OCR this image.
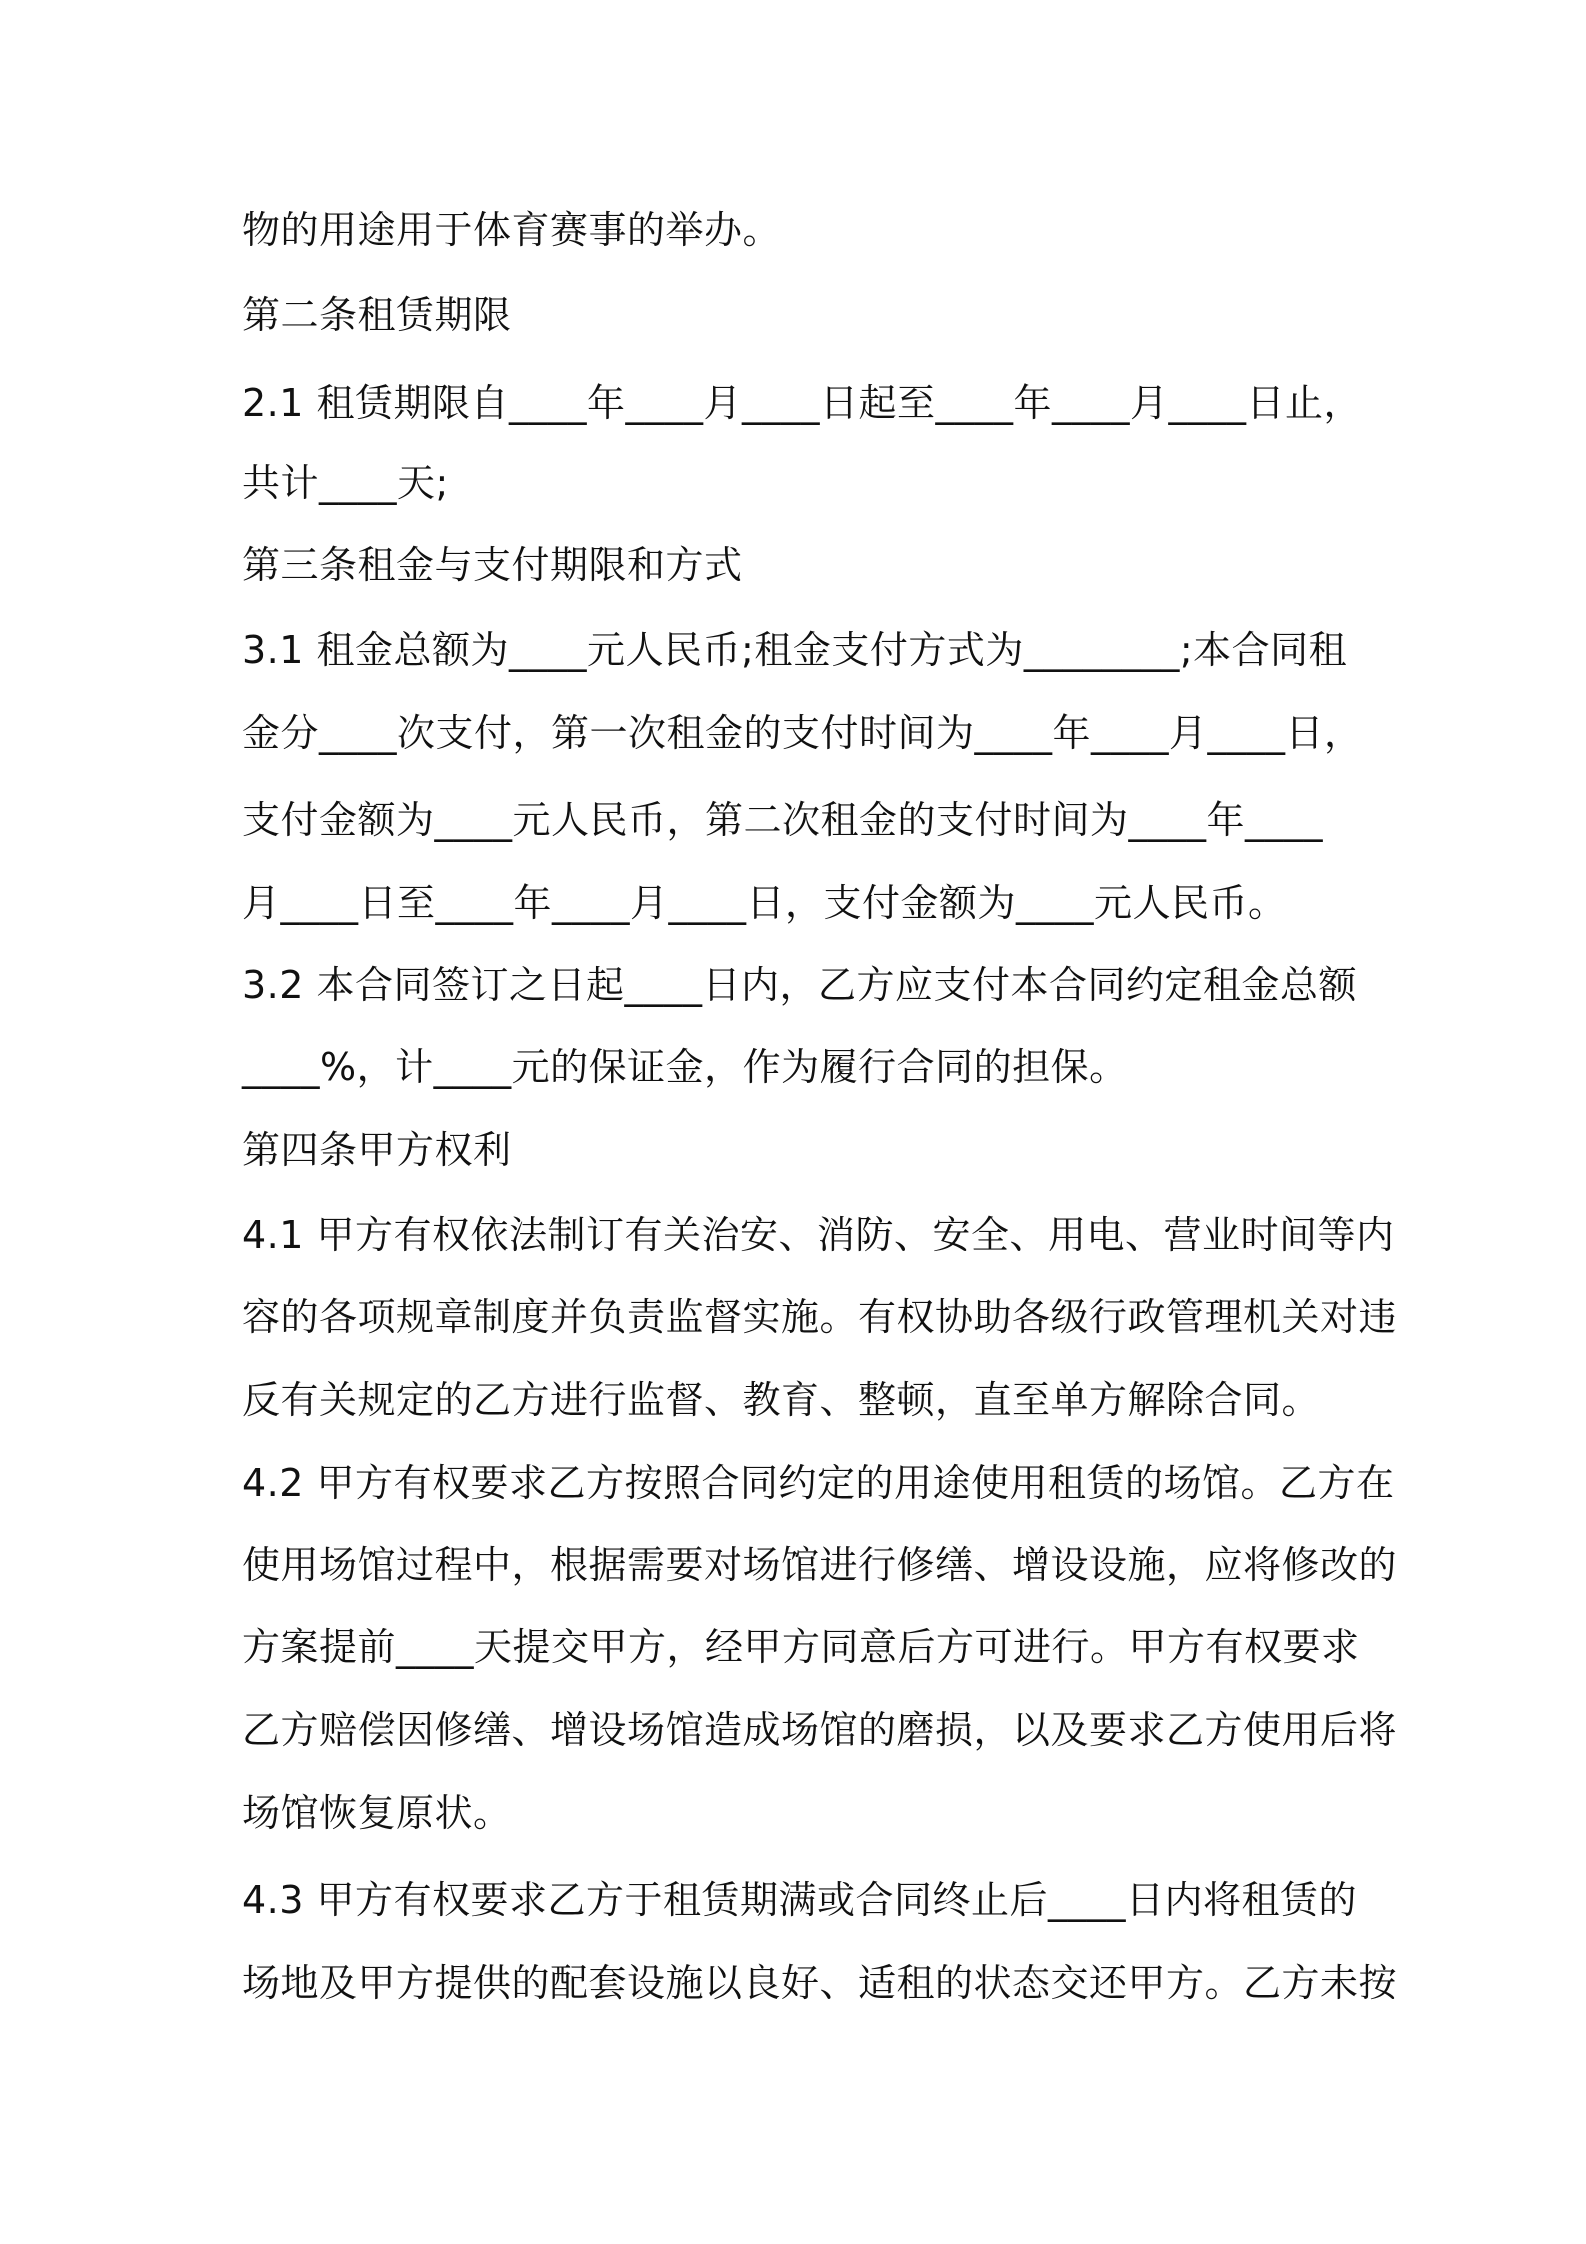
物的用途用于体育赛事的举办。
第二条租赁期限
2.1 租赁期限自____年____月____日起至____年____月____日止，
共计____天;
第三条租金与支付期限和方式
3.1 租金总额为____元人民币;租金支付方式为________;本合同租
金分____次支付，第一次租金的支付时间为____年____月____日，
支付金额为____元人民币，第二次租金的支付时间为____年____
月____日至____年____月____日，支付金额为____元人民币。
3.2 本合同签订之日起____日内，乙方应支付本合同约定租金总额
____%，计____元的保证金，作为履行合同的担保。
第四条甲方权利
4.1 甲方有权依法制订有关治安、消防、安全、用电、营业时间等内
容的各项规章制度并负责监督实施。有权协助各级行政管理机关对违
反有关规定的乙方进行监督、教育、整顿，直至单方解除合同。
4.2 甲方有权要求乙方按照合同约定的用途使用租赁的场馆。乙方在
使用场馆过程中，根据需要对场馆进行修缮、增设设施，应将修改的
方案提前____天提交甲方，经甲方同意后方可进行。甲方有权要求
乙方赔偿因修缮、增设场馆造成场馆的磨损，以及要求乙方使用后将
场馆恢复原状。
4.3 甲方有权要求乙方于租赁期满或合同终止后____日内将租赁的
场地及甲方提供的配套设施以良好、适租的状态交还甲方。乙方未按
